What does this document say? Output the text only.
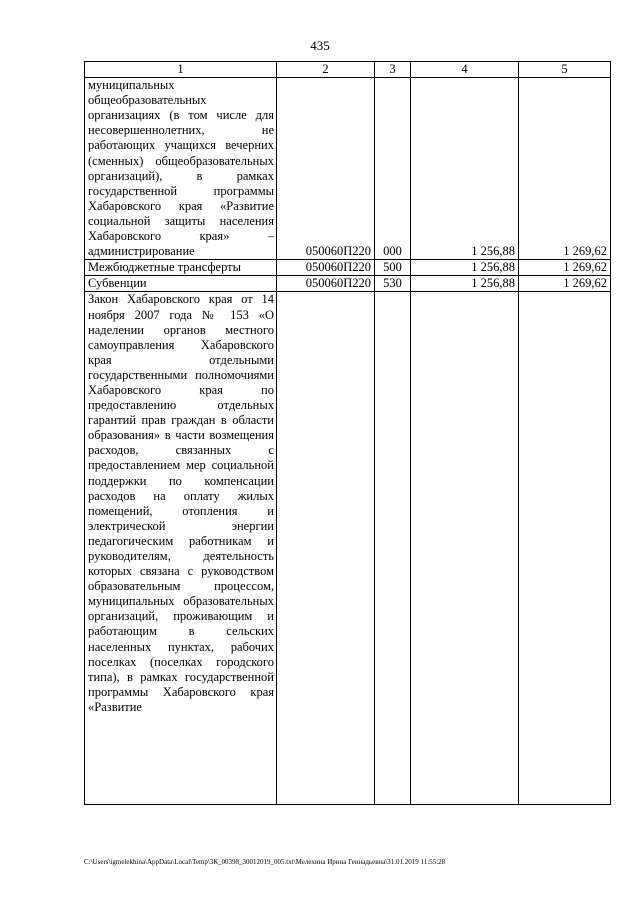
435
1	2	3	4	5

муниципальных общеобразовательных организациях (в том числе для несовершеннолетних, не работающих учащихся вечерних (сменных) общеобразовательных организаций), в рамках государственной программы Хабаровского края «Развитие социальной защиты населения Хабаровского края» – администрирование	050060П220	000	1 256,88	1 269,62
Межбюджетные трансферты	050060П220	500	1 256,88	1 269,62
Субвенции	050060П220	530	1 256,88	1 269,62

Закон Хабаровского края от 14 ноября 2007 года № 153 «О наделении органов местного самоуправления Хабаровского края отдельными государственными полномочиями Хабаровского края по предоставлению отдельных гарантий прав граждан в области образования» в части возмещения расходов, связанных с предоставлением мер социальной поддержки по компенсации расходов на оплату жилых помещений, отопления и электрической энергии педагогическим работникам и руководителям, деятельность которых связана с руководством образовательным процессом, муниципальных образовательных организаций, проживающим и работающим в сельских населенных пунктах, рабочих поселках (поселках городского типа), в рамках государственной программы Хабаровского края «Развитие				

C:\Users\igmelekhina\AppData\Local\Temp\3К_00398_30012019_005.txt\Мелехина Ирина Геннадьевна\31.01.2019 11:55:28
